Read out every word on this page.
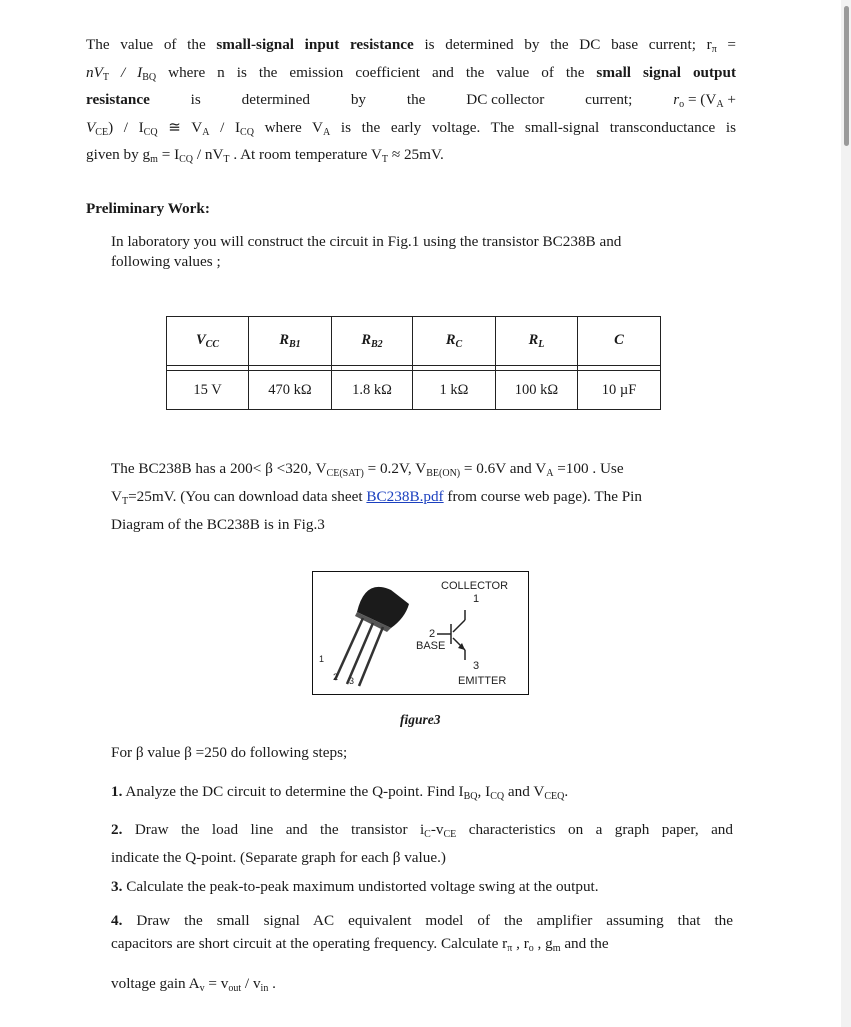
The value of the small-signal input resistance is determined by the DC base current; $r_\pi$ =
$nV_T / I_{BQ}$ where n is the emission coefficient and the value of the small signal output
resistance	is	determined	by	the	DC collector	current;	$r_o = (V_A$ +
$V_{CE}) / I_{CQ}$ ≅ $V_A / I_{CQ}$ where $V_A$ is the early voltage. The small-signal transconductance is
given by $g_m = I_{CQ} / nV_T$ . At room temperature $V_T \approx 25mV$.
Preliminary Work:
In laboratory you will construct the circuit in Fig.1 using the transistor BC238B and
following values ;
$V_{CC}$	$R_{B1}$	$R_{B2}$	$R_C$	$R_L$	C

15 V	470 kΩ	1.8 kΩ	1 kΩ	100 kΩ	10 µF
The BC238B has a 200< β <320, $V_{CE(SAT)} = 0.2V$, $V_{BE(ON)} = 0.6V$ and $V_A =100$ . Use
$V_T=25mV$. (You can download data sheet BC238B.pdf from course web page). The Pin
Diagram of the BC238B is in Fig.3
COLLECTOR
1
2
BASE
3
EMITTER
1
2 3
figure3
For β value β =250 do following steps;
1. Analyze the DC circuit to determine the Q-point. Find $I_{BQ}$, $I_{CQ}$ and $V_{CEQ}$.
2. Draw the load line and the transistor $i_C-v_{CE}$ characteristics on a graph paper, and
indicate the Q-point. (Separate graph for each β value.)
3. Calculate the peak-to-peak maximum undistorted voltage swing at the output.
4. Draw the small signal AC equivalent model of the amplifier assuming that the
capacitors are short circuit at the operating frequency. Calculate $r_\pi$ , $r_o$ , $g_m$ and the
voltage gain $A_v = v_{out} / v_{in}$ .
